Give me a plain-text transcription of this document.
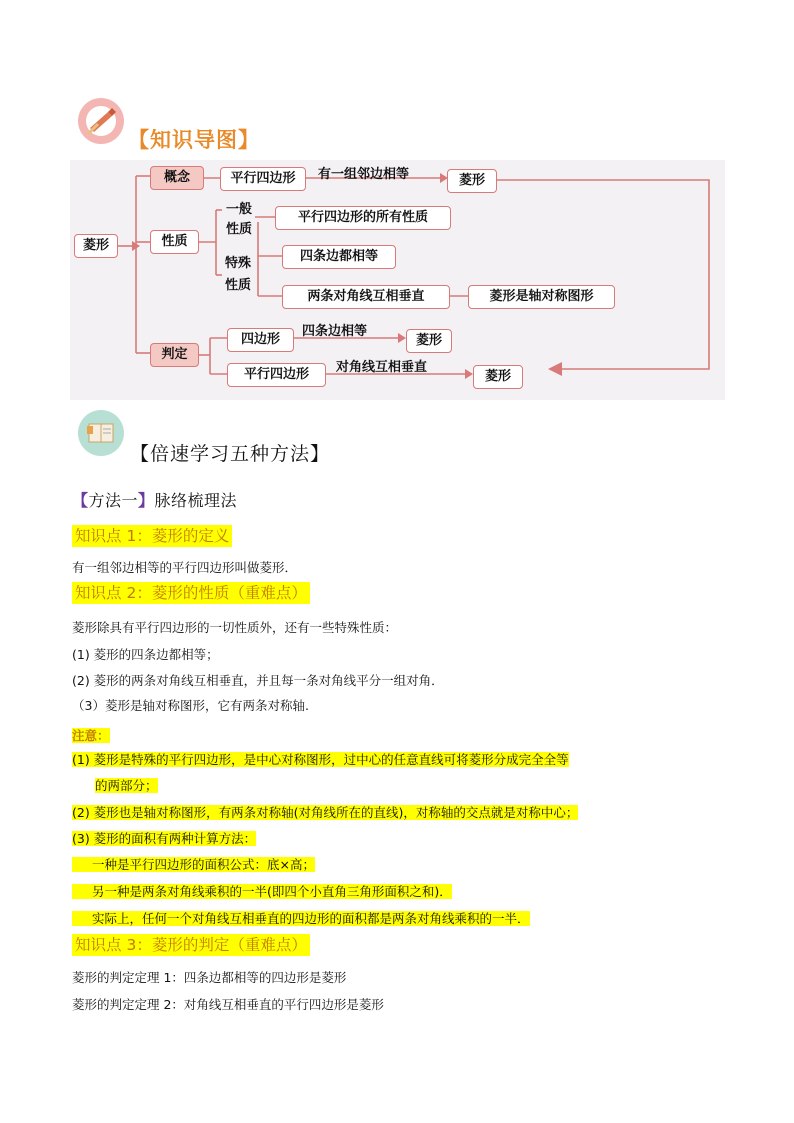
【知识导图】
菱形
概念	平行四边形	有一组邻边相等	菱形
性质
一般
性质
平行四边形的所有性质
特殊
性质
四条边都相等
两条对角线互相垂直	菱形是轴对称图形
判定
四边形
四条边相等
菱形
平行四边形	对角线互相垂直
菱形
【倍速学习五种方法】
【方法一】脉络梳理法
知识点 1：菱形的定义
有一组邻边相等的平行四边形叫做菱形．
知识点 2：菱形的性质（重难点）
菱形除具有平行四边形的一切性质外，还有一些特殊性质：
(1) 菱形的四条边都相等；
(2) 菱形的两条对角线互相垂直，并且每一条对角线平分一组对角．
（3）菱形是轴对称图形，它有两条对称轴.
注意：
(1) 菱形是特殊的平行四边形，是中心对称图形，过中心的任意直线可将菱形分成完全全等
的两部分；
(2) 菱形也是轴对称图形，有两条对称轴(对角线所在的直线)，对称轴的交点就是对称中心；
(3) 菱形的面积有两种计算方法：
一种是平行四边形的面积公式：底×高；
另一种是两条对角线乘积的一半(即四个小直角三角形面积之和)．
实际上，任何一个对角线互相垂直的四边形的面积都是两条对角线乘积的一半．
知识点 3：菱形的判定（重难点）
菱形的判定定理 1：四条边都相等的四边形是菱形
菱形的判定定理 2：对角线互相垂直的平行四边形是菱形
